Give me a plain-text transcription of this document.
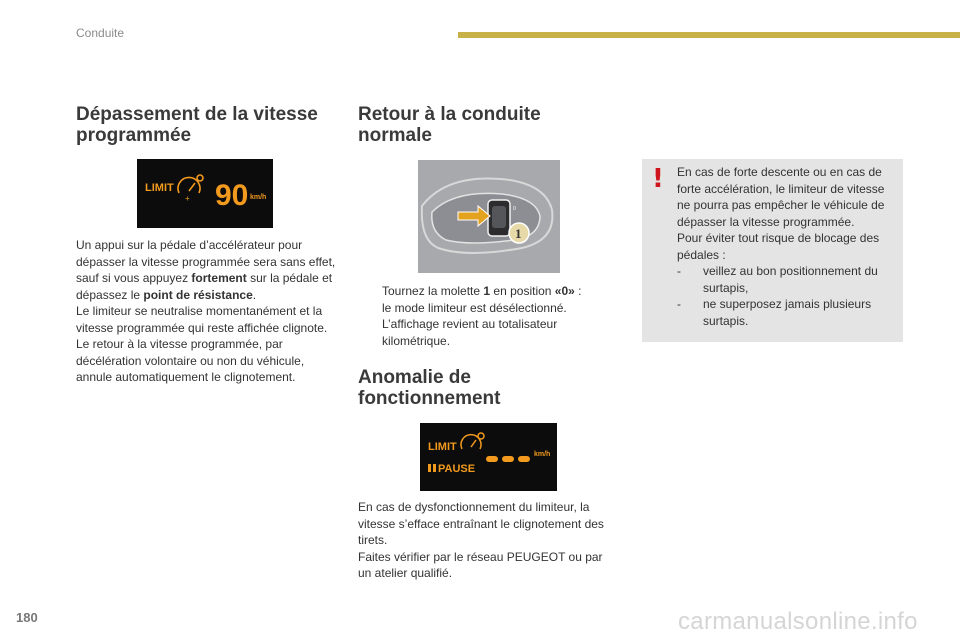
Conduite
Dépassement de la vitesse
programmée
LIMIT
+ 90 km/h

Un appui sur la pédale d’accélérateur pour dépasser la vitesse programmée sera sans effet, sauf si vous appuyez fortement sur la pédale et dépassez le point de résistance.

Le limiteur se neutralise momentanément et la vitesse programmée qui reste affichée clignote.

Le retour à la vitesse programmée, par décélération volontaire ou non du véhicule, annule automatiquement le clignotement.

Retour à la conduite
normale
0
1

Tournez la molette 1 en position «0» :

le mode limiteur est désélectionné.

L’affichage revient au totalisateur kilométrique.

Anomalie de
fonctionnement
LIMIT
PAUSE
km/h

En cas de dysfonctionnement du limiteur, la vitesse s’efface entraînant le clignotement des tirets.

Faites vérifier par le réseau PEUGEOT ou par un atelier qualifié.

! En cas de forte descente ou en cas de forte accélération, le limiteur de vitesse ne pourra pas empêcher le véhicule de dépasser la vitesse programmée.

Pour éviter tout risque de blocage des pédales :

-	veillez au bon positionnement du surtapis,
-	ne superposez jamais plusieurs surtapis.
180	carmanualsonline.info
